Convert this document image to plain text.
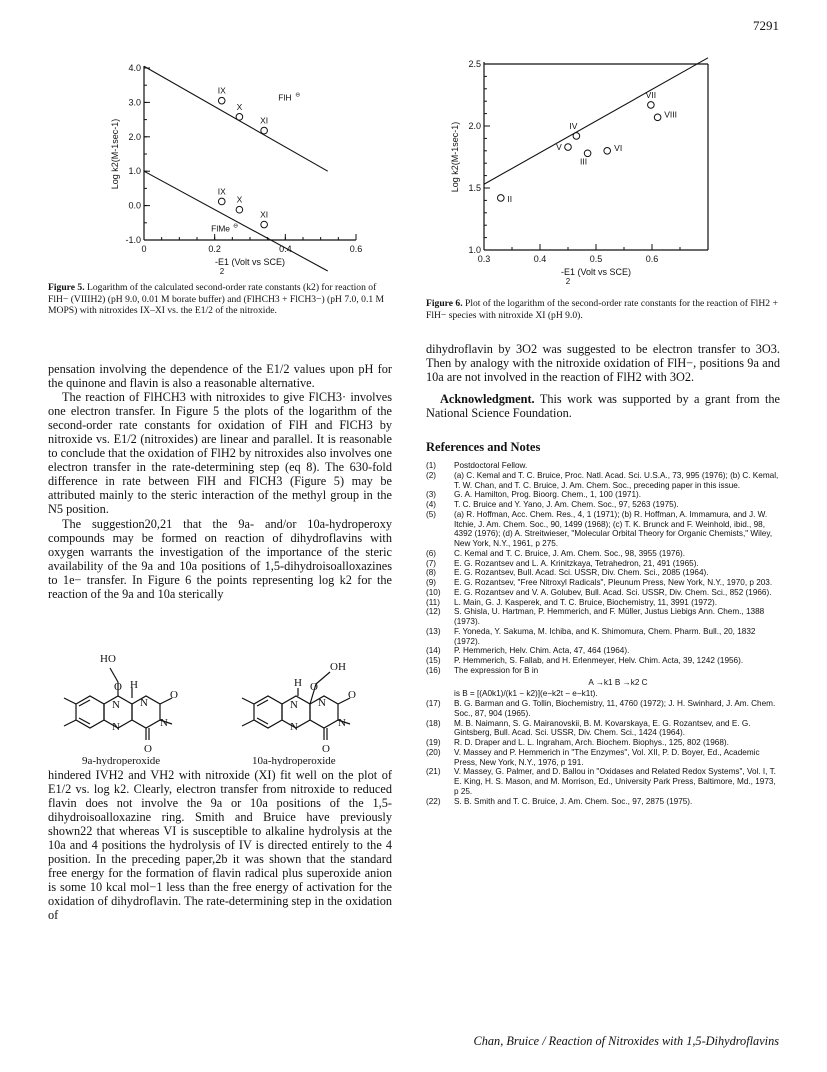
7291
4.0
3.0
2.0
1.0
0.0
-1.0
0	0.2	0.4	0.6
IX
X
XI
IX
X
XI
Log k2(M-1sec-1)
-E1 (Volt vs SCE)
2
FlH ⊖
FlMe ⊖
Figure 5. Logarithm of the calculated second-order rate constants (k2) for reaction of FlH− (VIIIH2) (pH 9.0, 0.01 M borate buffer) and (FlHCH3 + FlCH3−) (pH 7.0, 0.1 M MOPS) with nitroxides IX–XI vs. the E1/2 of the nitroxide.
2.5
2.0
1.5
1.0
0.3	0.4	0.5	0.6
II
III
IV
V	VI
VII
VIII
Log k2(M-1sec-1)
-E1 (Volt vs SCE)
2
Figure 6. Plot of the logarithm of the second-order rate constants for the reaction of FlH2 + FlH− species with nitroxide XI (pH 9.0).

pensation involving the dependence of the E1/2 values upon pH for the quinone and flavin is also a reasonable alternative.

The reaction of FlHCH3 with nitroxides to give FlCH3· involves one electron transfer. In Figure 5 the plots of the logarithm of the second-order rate constants for oxidation of FlH and FlCH3 by nitroxide vs. E1/2 (nitroxides) are linear and parallel. It is reasonable to conclude that the oxidation of FlH2 by nitroxides also involves one electron transfer in the rate-determining step (eq 8). The 630-fold difference in rate between FlH and FlCH3 (Figure 5) may be attributed mainly to the steric interaction of the methyl group in the N5 position.

The suggestion20,21 that the 9a- and/or 10a-hydroperoxy compounds may be formed on reaction of dihydroflavins with oxygen warrants the investigation of the importance of the steric availability of the 9a and 10a positions of 1,5-dihydroisoalloxazines to 1e− transfer. In Figure 6 the points representing log k2 for the reaction of the 9a and 10a sterically

HO
H
O
N N
O
N	N
O
OH
H O
N N
O
N	N
O
9a-hydroperoxide	10a-hydroperoxide

hindered IVH2 and VH2 with nitroxide (XI) fit well on the plot of E1/2 vs. log k2. Clearly, electron transfer from nitroxide to reduced flavin does not involve the 9a or 10a positions of the 1,5-dihydroisoalloxazine ring. Smith and Bruice have previously shown22 that whereas VI is susceptible to alkaline hydrolysis at the 10a and 4 positions the hydrolysis of IV is directed entirely to the 4 position. In the preceding paper,2b it was shown that the standard free energy for the formation of flavin radical plus superoxide anion is some 10 kcal mol−1 less than the free energy of activation for the oxidation of dihydroflavin. The rate-determining step in the oxidation of

dihydroflavin by 3O2 was suggested to be electron transfer to 3O3. Then by analogy with the nitroxide oxidation of FlH−, positions 9a and 10a are not involved in the reaction of FlH2 with 3O2.

Acknowledgment. This work was supported by a grant from the National Science Foundation.

References and Notes
(1) Postdoctoral Fellow.
(2) (a) C. Kemal and T. C. Bruice, Proc. Natl. Acad. Sci. U.S.A., 73, 995 (1976); (b) C. Kemal, T. W. Chan, and T. C. Bruice, J. Am. Chem. Soc., preceding paper in this issue.
(3) G. A. Hamilton, Prog. Bioorg. Chem., 1, 100 (1971).
(4) T. C. Bruice and Y. Yano, J. Am. Chem. Soc., 97, 5263 (1975).
(5) (a) R. Hoffman, Acc. Chem. Res., 4, 1 (1971); (b) R. Hoffman, A. Immamura, and J. W. Itchie, J. Am. Chem. Soc., 90, 1499 (1968); (c) T. K. Brunck and F. Weinhold, ibid., 98, 4392 (1976); (d) A. Streitwieser, "Molecular Orbital Theory for Organic Chemists," Wiley, New York, N.Y., 1961, p 275.
(6) C. Kemal and T. C. Bruice, J. Am. Chem. Soc., 98, 3955 (1976).
(7) E. G. Rozantsev and L. A. Krinitzkaya, Tetrahedron, 21, 491 (1965).
(8) E. G. Rozantsev, Bull. Acad. Sci. USSR, Div. Chem. Sci., 2085 (1964).
(9) E. G. Rozantsev, "Free Nitroxyl Radicals", Pleunum Press, New York, N.Y., 1970, p 203.
(10) E. G. Rozantsev and V. A. Golubev, Bull. Acad. Sci. USSR, Div. Chem. Sci., 852 (1966).
(11) L. Main, G. J. Kasperek, and T. C. Bruice, Biochemistry, 11, 3991 (1972).
(12) S. Ghisla, U. Hartman, P. Hemmerich, and F. Müller, Justus Liebigs Ann. Chem., 1388 (1973).
(13) F. Yoneda, Y. Sakuma, M. Ichiba, and K. Shimomura, Chem. Pharm. Bull., 20, 1832 (1972).
(14) P. Hemmerich, Helv. Chim. Acta, 47, 464 (1964).
(15) P. Hemmerich, S. Fallab, and H. Erlenmeyer, Helv. Chim. Acta, 39, 1242 (1956).
(16) The expression for B in
A →k1 B →k2 C
is B = [(A0k1)/(k1 − k2)](e−k2t − e−k1t).
(17) B. G. Barman and G. Tollin, Biochemistry, 11, 4760 (1972); J. H. Swinhard, J. Am. Chem. Soc., 87, 904 (1965).
(18) M. B. Naimann, S. G. Mairanovskii, B. M. Kovarskaya, E. G. Rozantsev, and E. G. Gintsberg, Bull. Acad. Sci. USSR, Div. Chem. Sci., 1424 (1964).
(19) R. D. Draper and L. L. Ingraham, Arch. Biochem. Biophys., 125, 802 (1968).
(20) V. Massey and P. Hemmerich in "The Enzymes", Vol. XII, P. D. Boyer, Ed., Academic Press, New York, N.Y., 1976, p 191.
(21) V. Massey, G. Palmer, and D. Ballou in "Oxidases and Related Redox Systems", Vol. I, T. E. King, H. S. Mason, and M. Morrison, Ed., University Park Press, Baltimore, Md., 1973, p 25.
(22) S. B. Smith and T. C. Bruice, J. Am. Chem. Soc., 97, 2875 (1975).
Chan, Bruice / Reaction of Nitroxides with 1,5-Dihydroflavins
